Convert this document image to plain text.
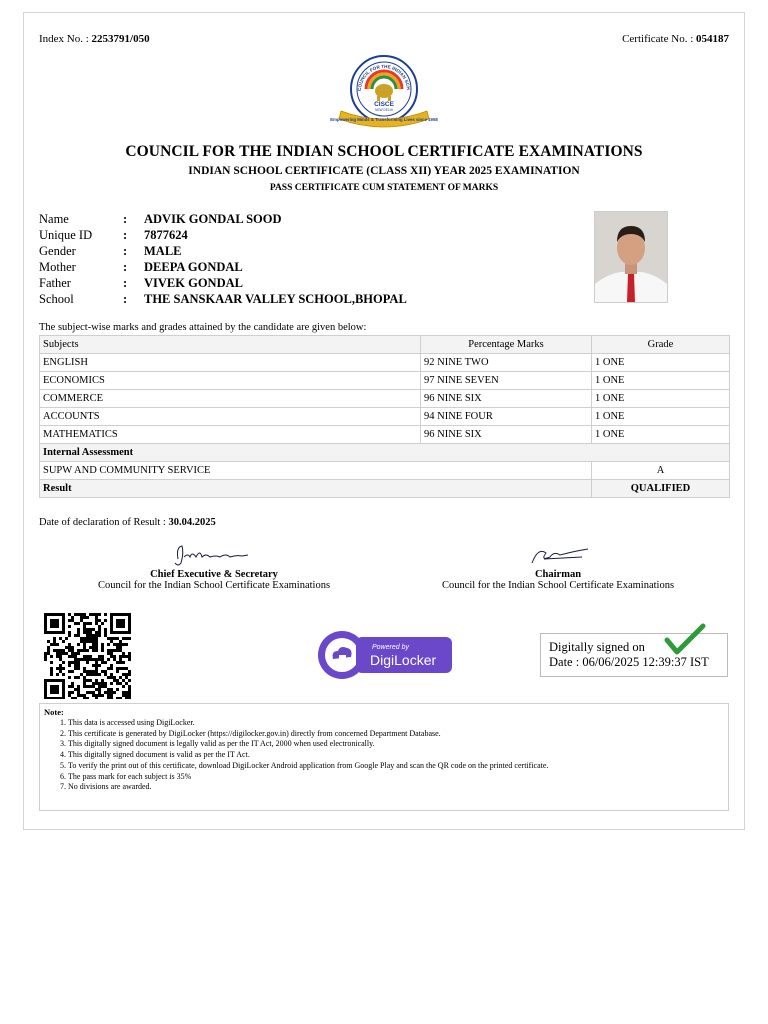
Index No. : 2253791/050	Certificate No. : 054187
COUNCIL FOR THE INDIAN SCH
CISCE
NEW DELHI
Empowering Minds & Transforming Lives since 1958
COUNCIL FOR THE INDIAN SCHOOL CERTIFICATE EXAMINATIONS
INDIAN SCHOOL CERTIFICATE (CLASS XII) YEAR 2025 EXAMINATION
PASS CERTIFICATE CUM STATEMENT OF MARKS
Name	: ADVIK GONDAL SOOD
Unique ID : 7877624
Gender	: MALE
Mother	: DEEPA GONDAL
Father	: VIVEK GONDAL
School	: THE SANSKAAR VALLEY SCHOOL,BHOPAL
The subject-wise marks and grades attained by the candidate are given below:
Subjects	Percentage Marks	Grade
ENGLISH	92 NINE TWO	1 ONE
ECONOMICS	97 NINE SEVEN	1 ONE
COMMERCE	96 NINE SIX	1 ONE
ACCOUNTS	94 NINE FOUR	1 ONE
MATHEMATICS	96 NINE SIX	1 ONE
Internal Assessment		
SUPW AND COMMUNITY SERVICE		A
Result		QUALIFIED
Date of declaration of Result : 30.04.2025
Chief Executive & Secretary
Council for the Indian School Certificate Examinations
Chairman
Council for the Indian School Certificate Examinations
Powered by
DigiLocker
Digitally signed on
Date : 06/06/2025 12:39:37 IST
Note:
1. This data is accessed using DigiLocker.
2. This certificate is generated by DigiLocker (https://digilocker.gov.in) directly from concerned Department Database.
3. This digitally signed document is legally valid as per the IT Act, 2000 when used electronically.
4. This digitally signed document is valid as per the IT Act.
5. To verify the print out of this certificate, download DigiLocker Android application from Google Play and scan the QR code on the printed certificate.
6. The pass mark for each subject is 35%
7. No divisions are awarded.
